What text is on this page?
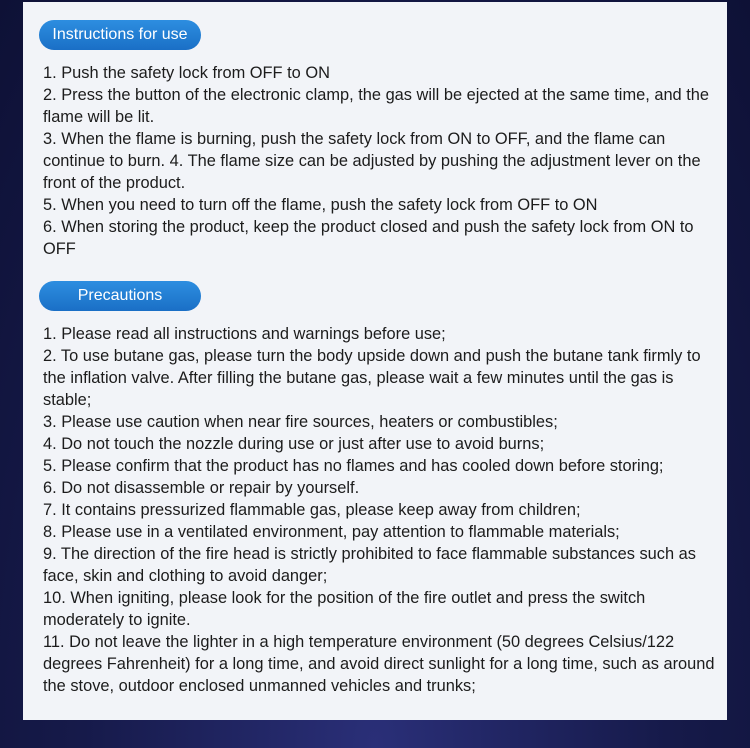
Instructions for use
1. Push the safety lock from OFF to ON
2. Press the button of the electronic clamp, the gas will be ejected at the same time, and the flame will be lit.
3. When the flame is burning, push the safety lock from ON to OFF, and the flame can continue to burn. 4. The flame size can be adjusted by pushing the adjustment lever on the front of the product.
5. When you need to turn off the flame, push the safety lock from OFF to ON
6. When storing the product, keep the product closed and push the safety lock from ON to OFF
Precautions
1. Please read all instructions and warnings before use;
2. To use butane gas, please turn the body upside down and push the butane tank firmly to the inflation valve. After filling the butane gas, please wait a few minutes until the gas is stable;
3. Please use caution when near fire sources, heaters or combustibles;
4. Do not touch the nozzle during use or just after use to avoid burns;
5. Please confirm that the product has no flames and has cooled down before storing;
6. Do not disassemble or repair by yourself.
7. It contains pressurized flammable gas, please keep away from children;
8. Please use in a ventilated environment, pay attention to flammable materials;
9. The direction of the fire head is strictly prohibited to face flammable substances such as face, skin and clothing to avoid danger;
10. When igniting, please look for the position of the fire outlet and press the switch moderately to ignite.
11. Do not leave the lighter in a high temperature environment (50 degrees Celsius/122 degrees Fahrenheit) for a long time, and avoid direct sunlight for a long time, such as around the stove, outdoor enclosed unmanned vehicles and trunks;
